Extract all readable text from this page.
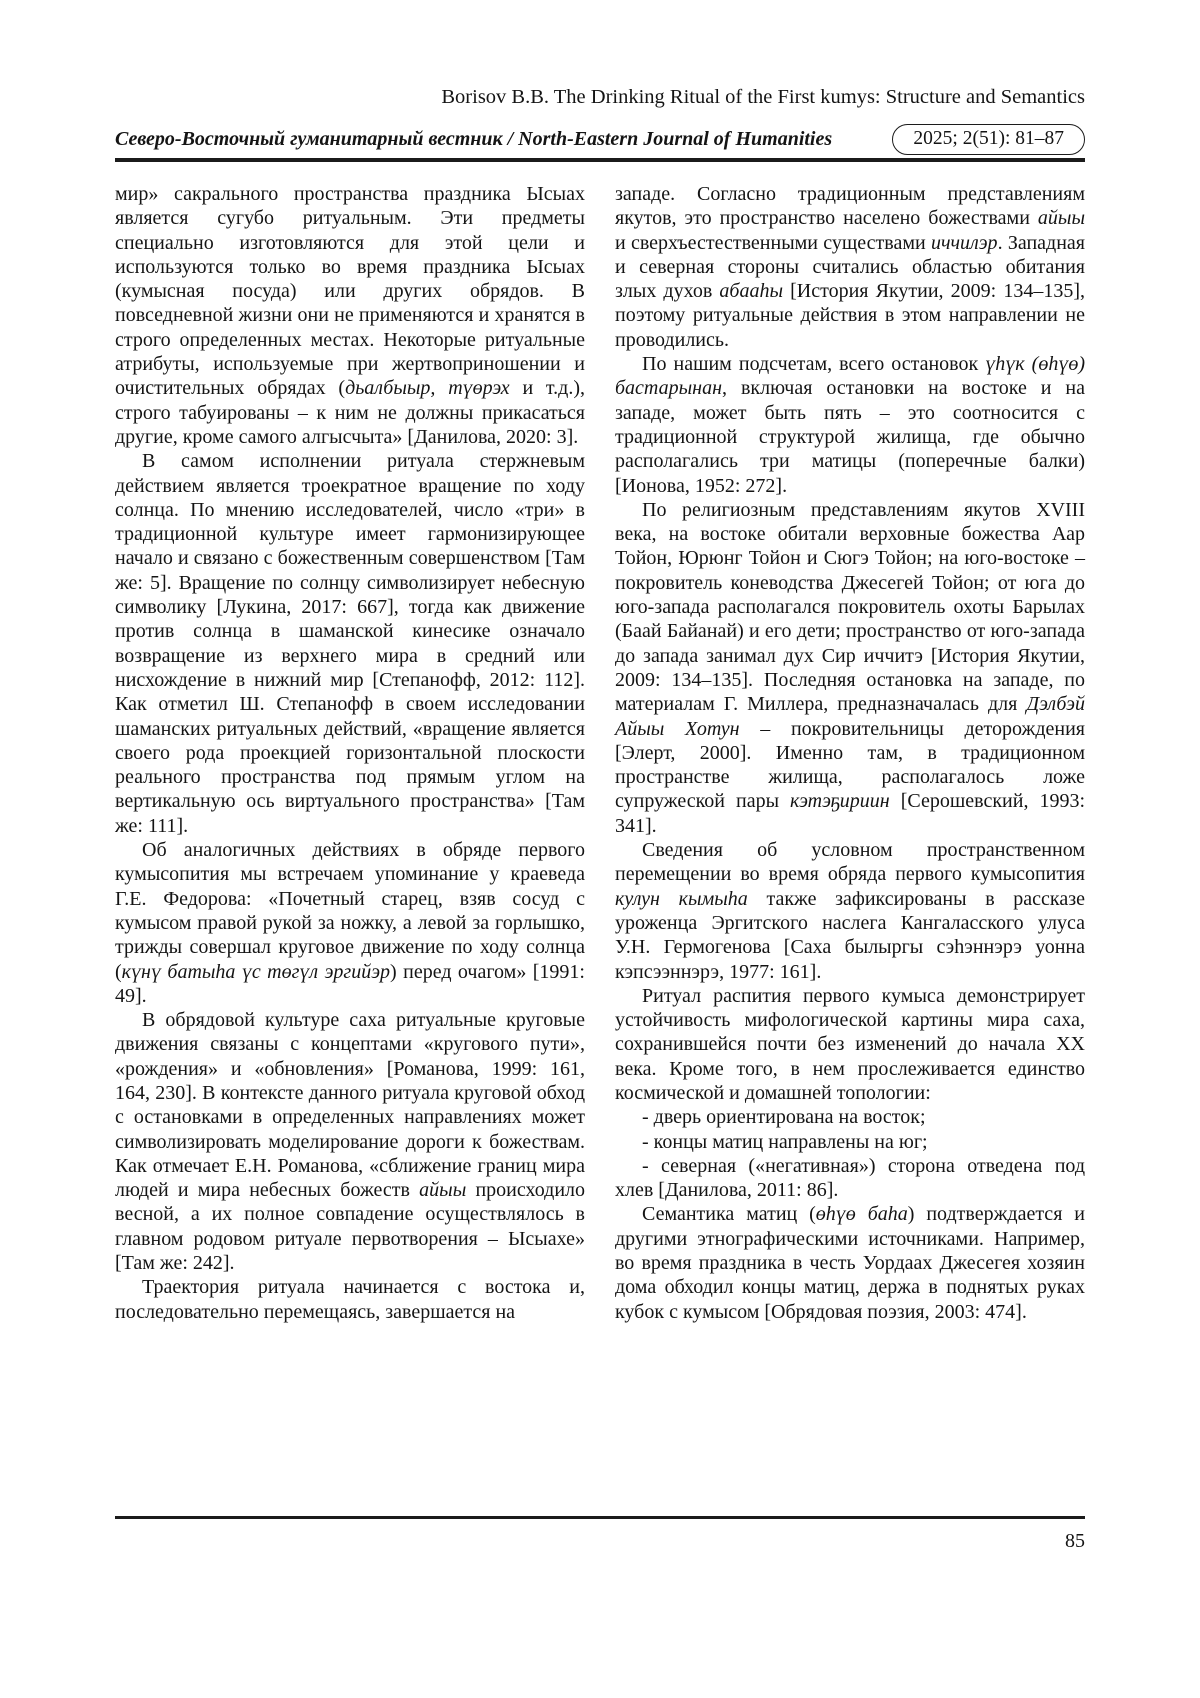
Borisov B.B. The Drinking Ritual of the First kumys: Structure and Semantics
Северо-Восточный гуманитарный вестник / North-Eastern Journal of Humanities	2025; 2(51): 81–87

мир» сакрального пространства праздника Ысыах является сугубо ритуальным. Эти предметы специально изготовляются для этой цели и используются только во время праздника Ысыах (кумысная посуда) или других обрядов. В повседневной жизни они не применяются и хранятся в строго определенных местах. Некоторые ритуальные атрибуты, используемые при жертвоприношении и очистительных обрядах (дьалбыыр, түөрэх и т.д.), строго табуированы – к ним не должны прикасаться другие, кроме самого алгысчыта» [Данилова, 2020: 3].

В самом исполнении ритуала стержневым действием является троекратное вращение по ходу солнца. По мнению исследователей, число «три» в традиционной культуре имеет гармонизирующее начало и связано с божественным совершенством [Там же: 5]. Вращение по солнцу символизирует небесную символику [Лукина, 2017: 667], тогда как движение против солнца в шаманской кинесике означало возвращение из верхнего мира в средний или нисхождение в нижний мир [Степанофф, 2012: 112]. Как отметил Ш. Степанофф в своем исследовании шаманских ритуальных действий, «вращение является своего рода проекцией горизонтальной плоскости реального пространства под прямым углом на вертикальную ось виртуального пространства» [Там же: 111].

Об аналогичных действиях в обряде первого кумысопития мы встречаем упоминание у краеведа Г.Е. Федорова: «Почетный старец, взяв сосуд с кумысом правой рукой за ножку, а левой за горлышко, трижды совершал круговое движение по ходу солнца (күнү батыһа үс төгүл эргийэр) перед очагом» [1991: 49].

В обрядовой культуре саха ритуальные круговые движения связаны с концептами «кругового пути», «рождения» и «обновления» [Романова, 1999: 161, 164, 230]. В контексте данного ритуала круговой обход с остановками в определенных направлениях может символизировать моделирование дороги к божествам. Как отмечает Е.Н. Романова, «сближение границ мира людей и мира небесных божеств айыы происходило весной, а их полное совпадение осуществлялось в главном родовом ритуале первотворения – Ысыахе» [Там же: 242].

Траектория ритуала начинается с востока и, последовательно перемещаясь, завершается на

западе. Согласно традиционным представлениям якутов, это пространство населено божествами айыы и сверхъестественными существами иччилэр. Западная и северная стороны считались областью обитания злых духов абааһы [История Якутии, 2009: 134–135], поэтому ритуальные действия в этом направлении не проводились.

По нашим подсчетам, всего остановок үһүк (өһүө) бастарынан, включая остановки на востоке и на западе, может быть пять – это соотносится с традиционной структурой жилища, где обычно располагались три матицы (поперечные балки) [Ионова, 1952: 272].

По религиозным представлениям якутов XVIII века, на востоке обитали верховные божества Аар Тойон, Юрюнг Тойон и Сюгэ Тойон; на юго-востоке – покровитель коневодства Джесегей Тойон; от юга до юго-запада располагался покровитель охоты Барылах (Баай Байанай) и его дети; пространство от юго-запада до запада занимал дух Сир иччитэ [История Якутии, 2009: 134–135]. Последняя остановка на западе, по материалам Г. Миллера, предназначалась для Дэлбэй Айыы Хотун – покровительницы деторождения [Элерт, 2000]. Именно там, в традиционном пространстве жилища, располагалось ложе супружеской пары кэтэҕириин [Серошевский, 1993: 341].

Сведения об условном пространственном перемещении во время обряда первого кумысопития кулун кымыһа также зафиксированы в рассказе уроженца Эргитского наслега Кангаласского улуса У.Н. Гермогенова [Саха былыргы сэһэннэрэ уонна кэпсээннэрэ, 1977: 161].

Ритуал распития первого кумыса демонстрирует устойчивость мифологической картины мира саха, сохранившейся почти без изменений до начала XX века. Кроме того, в нем прослеживается единство космической и домашней топологии:

- дверь ориентирована на восток;

- концы матиц направлены на юг;

- северная («негативная») сторона отведена под хлев [Данилова, 2011: 86].

Семантика матиц (өһүө баһа) подтверждается и другими этнографическими источниками. Например, во время праздника в честь Уордаах Джесегея хозяин дома обходил концы матиц, держа в поднятых руках кубок с кумысом [Обрядовая поэзия, 2003: 474].

85
